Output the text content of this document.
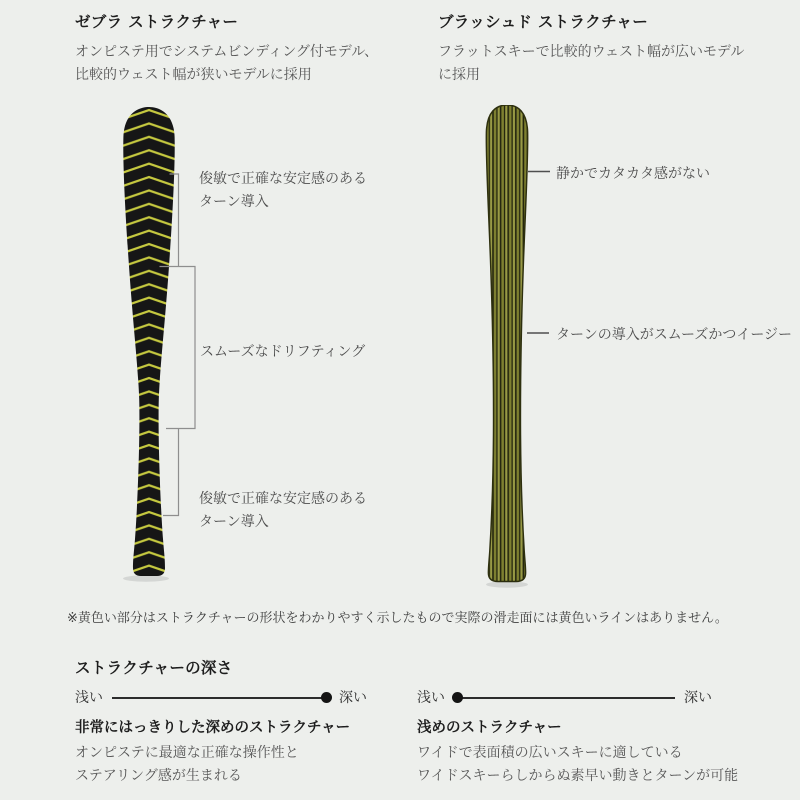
ゼブラ ストラクチャー

オンピステ用でシステムビンディング付モデル、
比較的ウェスト幅が狭いモデルに採用

ブラッシュド ストラクチャー

フラットスキーで比較的ウェスト幅が広いモデル
に採用

俊敏で正確な安定感のある
ターン導入
スムーズなドリフティング
俊敏で正確な安定感のある
ターン導入
静かでカタカタ感がない
ターンの導入がスムーズかつイージー
※黄色い部分はストラクチャーの形状をわかりやすく示したもので実際の滑走面には黄色いラインはありません。
ストラクチャーの深さ
浅い	深い
非常にはっきりした深めのストラクチャー
オンピステに最適な正確な操作性と
ステアリング感が生まれる
浅い	深い
浅めのストラクチャー
ワイドで表面積の広いスキーに適している
ワイドスキーらしからぬ素早い動きとターンが可能
